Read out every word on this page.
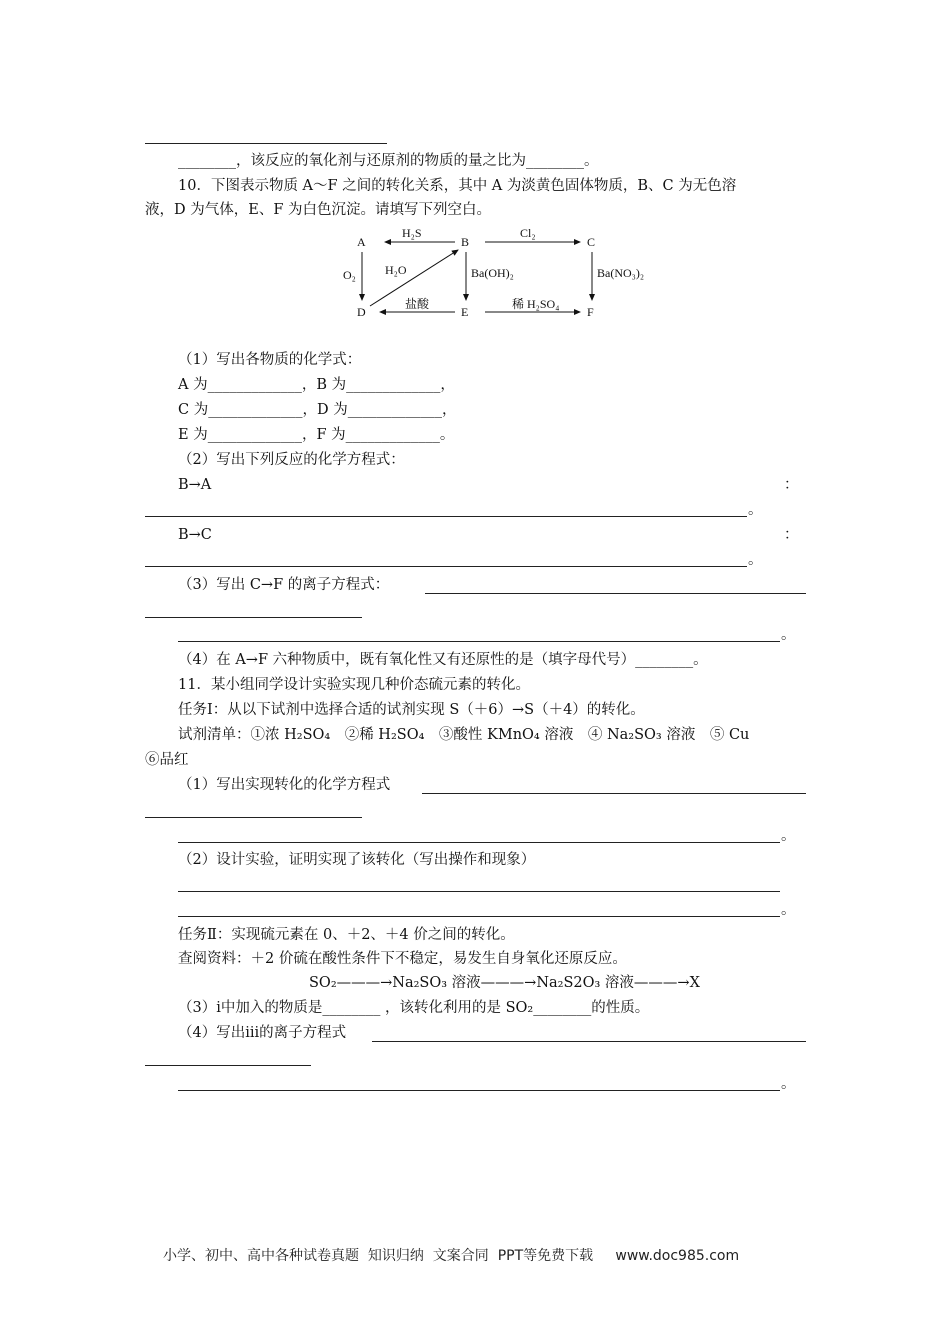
________，该反应的氧化剂与还原剂的物质的量之比为________。
10．下图表示物质 A～F 之间的转化关系，其中 A 为淡黄色固体物质，B、C 为无色溶
液，D 为气体，E、F 为白色沉淀。请填写下列空白。
A	B	C
D	E	F
H₂S	Cl₂
O₂ H₂O	Ba(OH)₂	Ba(NO₃)₂
盐酸	稀 H₂SO₄
（1）写出各物质的化学式：
A 为_____________，B 为_____________，
C 为_____________，D 为_____________，
E 为_____________，F 为_____________。
（2）写出下列反应的化学方程式：
B→A	：
。
B→C	：
。
（3）写出 C→F 的离子方程式：
。
（4）在 A→F 六种物质中，既有氧化性又有还原性的是（填字母代号）________。
11．某小组同学设计实验实现几种价态硫元素的转化。
任务Ⅰ：从以下试剂中选择合适的试剂实现 S（＋6）→S（＋4）的转化。
试剂清单：①浓 H₂SO₄　②稀 H₂SO₄　③酸性 KMnO₄ 溶液　④ Na₂SO₃ 溶液　⑤ Cu
⑥品红
（1）写出实现转化的化学方程式
。
（2）设计实验，证明实现了该转化（写出操作和现象）
。
任务Ⅱ：实现硫元素在 0、＋2、＋4 价之间的转化。
查阅资料：＋2 价硫在酸性条件下不稳定，易发生自身氧化还原反应。
SO₂———→Na₂SO₃ 溶液———→Na₂S2O₃ 溶液———→X
（3）ⅰ中加入的物质是________ ，该转化利用的是 SO₂________的性质。
（4）写出ⅲ的离子方程式
。
小学、初中、高中各种试卷真题  知识归纳  文案合同  PPT等免费下载     www.doc985.com
